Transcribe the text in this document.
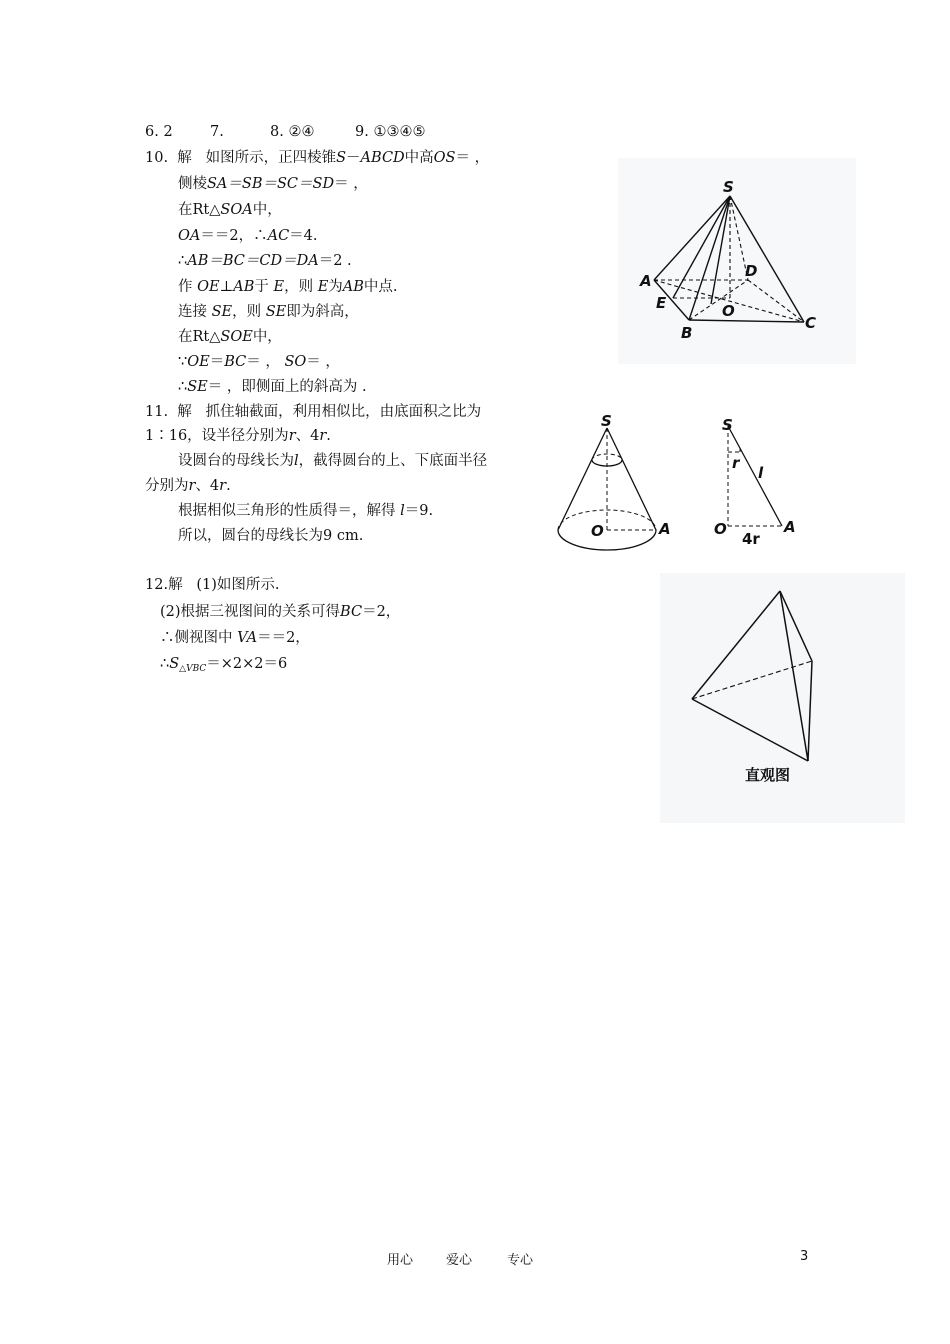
6. 2	7.	8. ②④	9. ①③④⑤
10. 解 如图所示，正四棱锥S－ABCD中高OS＝ ，
侧棱SA＝SB＝SC＝SD＝ ，
在Rt△SOA中，
OA＝＝2，∴AC＝4.
∴AB＝BC＝CD＝DA＝2 .
作 OE⊥AB于 E，则 E为AB中点.
连接 SE，则 SE即为斜高，
在Rt△SOE中，
∵OE＝BC＝ ， SO＝ ，
∴SE＝ ，即侧面上的斜高为 .
11. 解 抓住轴截面，利用相似比，由底面积之比为
1∶16，设半径分别为r、4r.
设圆台的母线长为l，截得圆台的上、下底面半径
分别为r、4r.
根据相似三角形的性质得＝，解得 l＝9.
所以，圆台的母线长为9 cm.
12.解 (1)如图所示.
(2)根据三视图间的关系可得BC＝2，
∴侧视图中 VA＝＝2，
$\therefore S_{\triangle VBC}=\times 2\times 2=6$
S
A
E
B
O
C
D
S
O	A
S
r
l
O	A
4r
直观图
用心	爱心	专心	3
